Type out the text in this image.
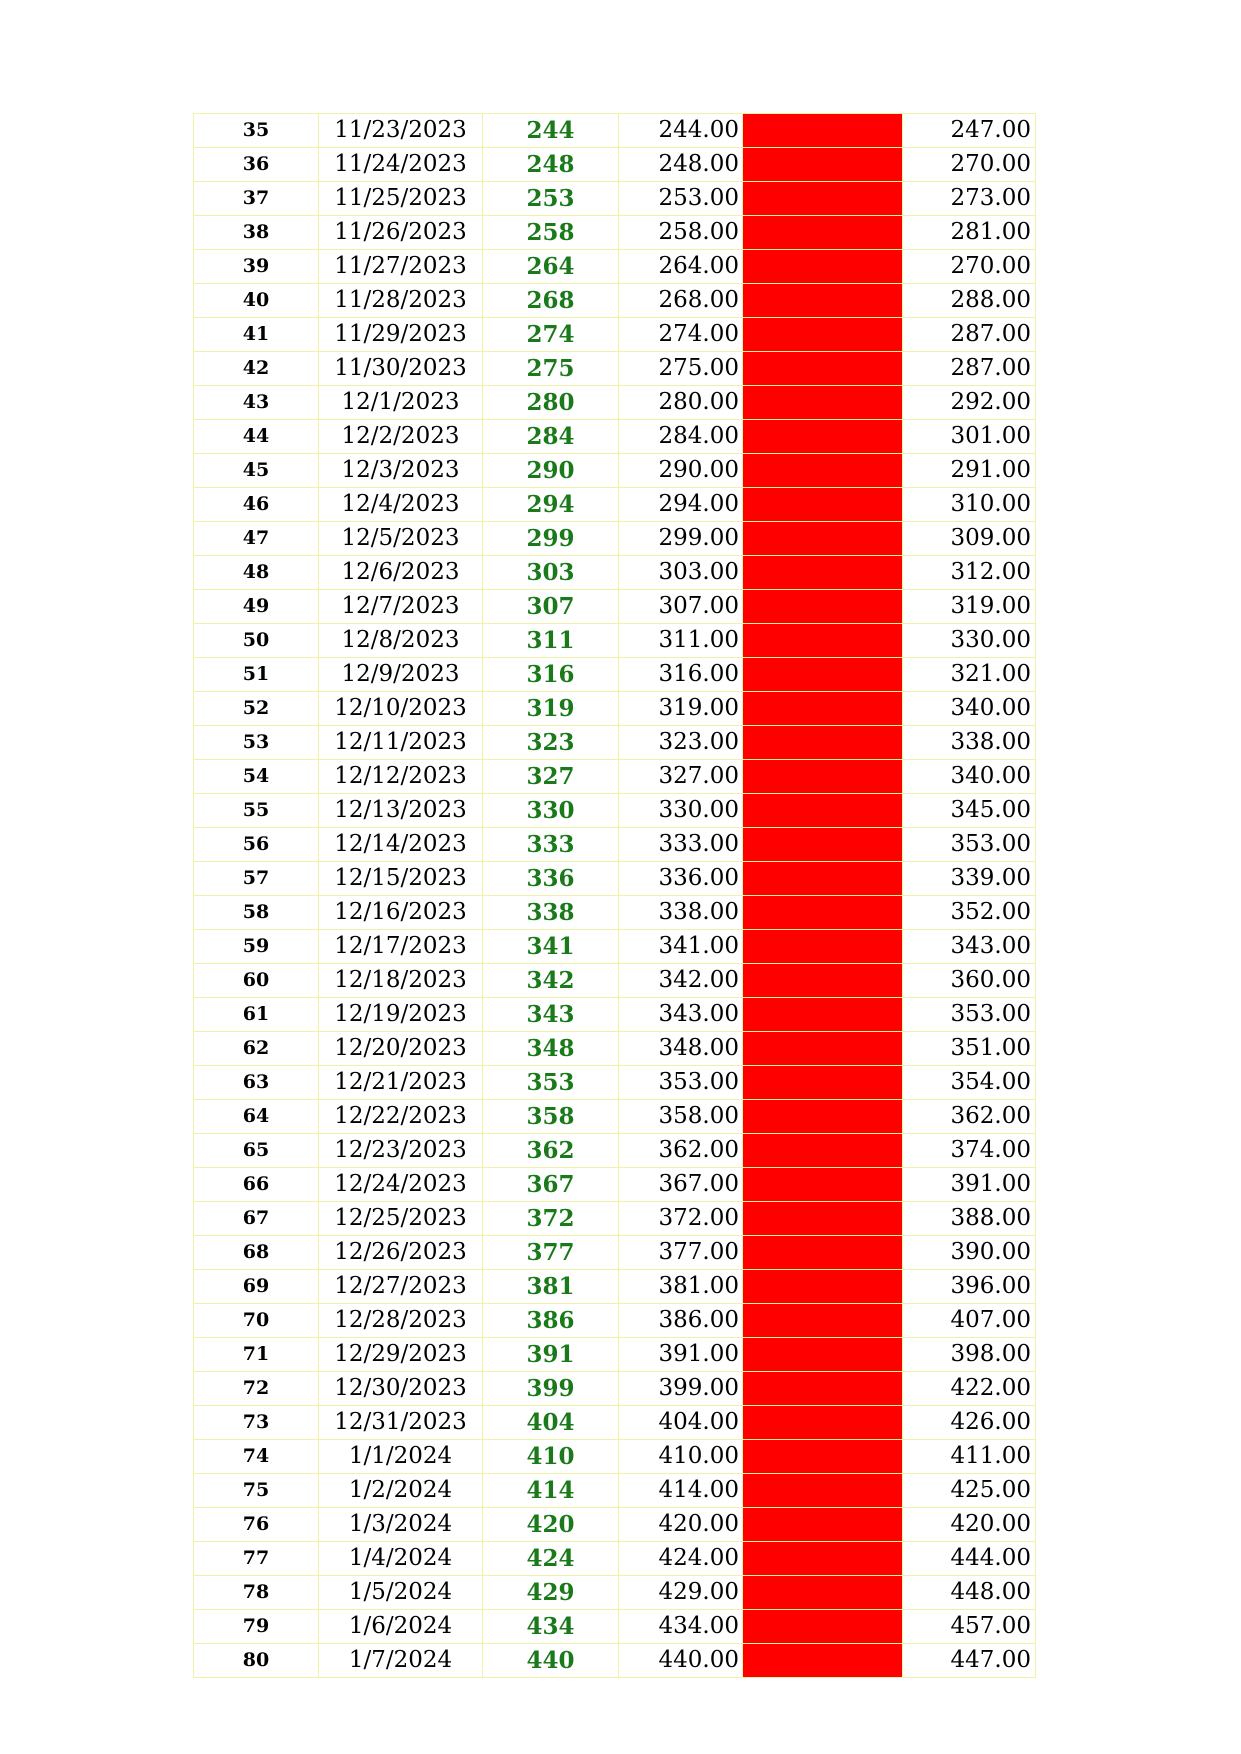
35	11/23/2023	244	244.00		247.00
36	11/24/2023	248	248.00		270.00
37	11/25/2023	253	253.00		273.00
38	11/26/2023	258	258.00		281.00
39	11/27/2023	264	264.00		270.00
40	11/28/2023	268	268.00		288.00
41	11/29/2023	274	274.00		287.00
42	11/30/2023	275	275.00		287.00
43	12/1/2023	280	280.00		292.00
44	12/2/2023	284	284.00		301.00
45	12/3/2023	290	290.00		291.00
46	12/4/2023	294	294.00		310.00
47	12/5/2023	299	299.00		309.00
48	12/6/2023	303	303.00		312.00
49	12/7/2023	307	307.00		319.00
50	12/8/2023	311	311.00		330.00
51	12/9/2023	316	316.00		321.00
52	12/10/2023	319	319.00		340.00
53	12/11/2023	323	323.00		338.00
54	12/12/2023	327	327.00		340.00
55	12/13/2023	330	330.00		345.00
56	12/14/2023	333	333.00		353.00
57	12/15/2023	336	336.00		339.00
58	12/16/2023	338	338.00		352.00
59	12/17/2023	341	341.00		343.00
60	12/18/2023	342	342.00		360.00
61	12/19/2023	343	343.00		353.00
62	12/20/2023	348	348.00		351.00
63	12/21/2023	353	353.00		354.00
64	12/22/2023	358	358.00		362.00
65	12/23/2023	362	362.00		374.00
66	12/24/2023	367	367.00		391.00
67	12/25/2023	372	372.00		388.00
68	12/26/2023	377	377.00		390.00
69	12/27/2023	381	381.00		396.00
70	12/28/2023	386	386.00		407.00
71	12/29/2023	391	391.00		398.00
72	12/30/2023	399	399.00		422.00
73	12/31/2023	404	404.00		426.00
74	1/1/2024	410	410.00		411.00
75	1/2/2024	414	414.00		425.00
76	1/3/2024	420	420.00		420.00
77	1/4/2024	424	424.00		444.00
78	1/5/2024	429	429.00		448.00
79	1/6/2024	434	434.00		457.00
80	1/7/2024	440	440.00		447.00
